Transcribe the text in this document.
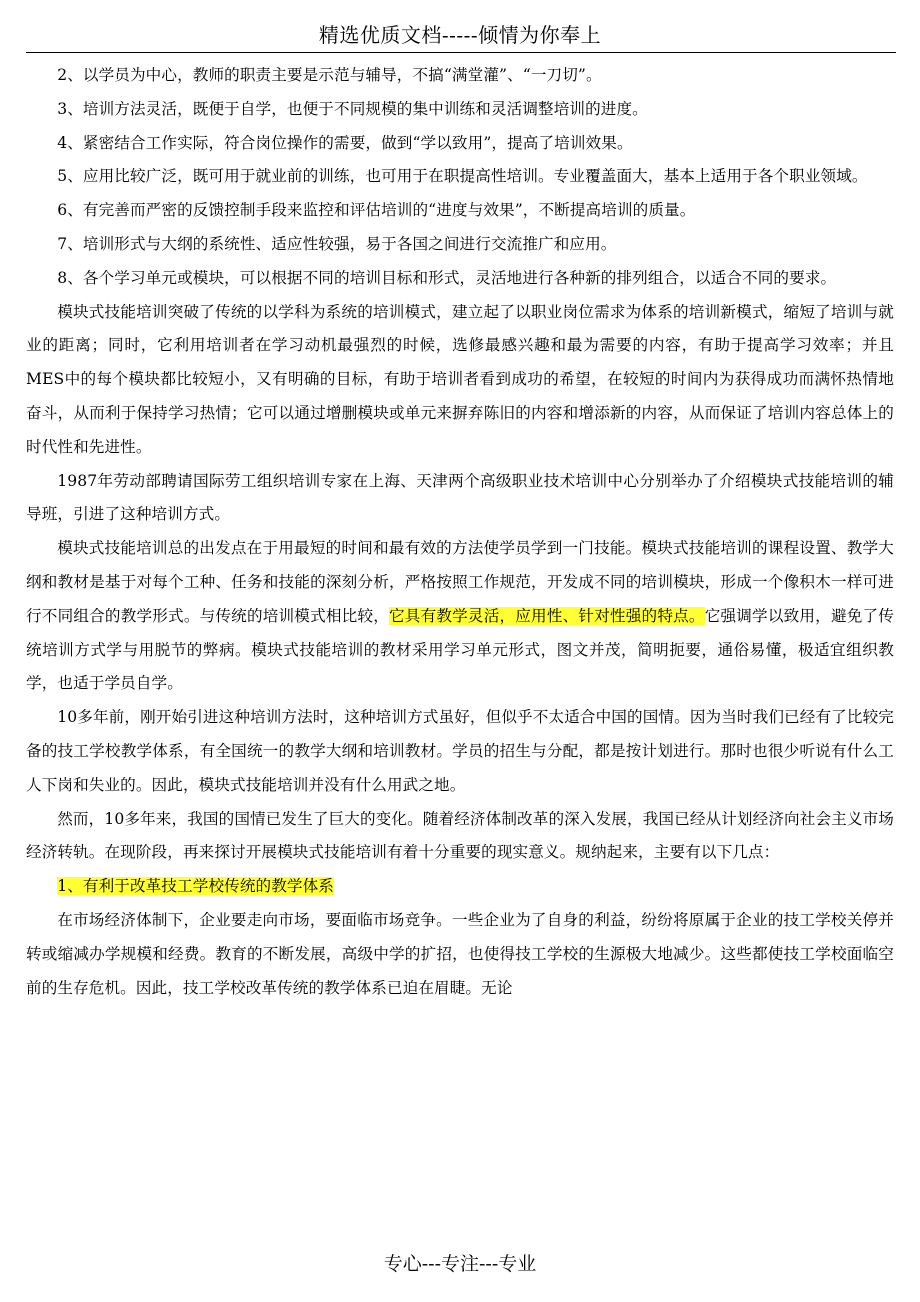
精选优质文档-----倾情为你奉上

2、以学员为中心，教师的职责主要是示范与辅导，不搞“满堂灌”、“一刀切”。

3、培训方法灵活，既便于自学，也便于不同规模的集中训练和灵活调整培训的进度。

4、紧密结合工作实际，符合岗位操作的需要，做到“学以致用”，提高了培训效果。

5、应用比较广泛，既可用于就业前的训练，也可用于在职提高性培训。专业覆盖面大，基本上适用于各个职业领域。

6、有完善而严密的反馈控制手段来监控和评估培训的“进度与效果”，不断提高培训的质量。

7、培训形式与大纲的系统性、适应性较强，易于各国之间进行交流推广和应用。

8、各个学习单元或模块，可以根据不同的培训目标和形式，灵活地进行各种新的排列组合，以适合不同的要求。

模块式技能培训突破了传统的以学科为系统的培训模式，建立起了以职业岗位需求为体系的培训新模式，缩短了培训与就业的距离；同时，它利用培训者在学习动机最强烈的时候，选修最感兴趣和最为需要的内容，有助于提高学习效率；并且MES中的每个模块都比较短小，又有明确的目标，有助于培训者看到成功的希望，在较短的时间内为获得成功而满怀热情地奋斗，从而利于保持学习热情；它可以通过增删模块或单元来摒弃陈旧的内容和增添新的内容，从而保证了培训内容总体上的时代性和先进性。

1987年劳动部聘请国际劳工组织培训专家在上海、天津两个高级职业技术培训中心分别举办了介绍模块式技能培训的辅导班，引进了这种培训方式。

模块式技能培训总的出发点在于用最短的时间和最有效的方法使学员学到一门技能。模块式技能培训的课程设置、教学大纲和教材是基于对每个工种、任务和技能的深刻分析，严格按照工作规范，开发成不同的培训模块，形成一个像积木一样可进行不同组合的教学形式。与传统的培训模式相比较，它具有教学灵活，应用性、针对性强的特点。它强调学以致用，避免了传统培训方式学与用脱节的弊病。模块式技能培训的教材采用学习单元形式，图文并茂，简明扼要，通俗易懂，极适宜组织教学，也适于学员自学。

10多年前，刚开始引进这种培训方法时，这种培训方式虽好，但似乎不太适合中国的国情。因为当时我们已经有了比较完备的技工学校教学体系，有全国统一的教学大纲和培训教材。学员的招生与分配，都是按计划进行。那时也很少听说有什么工人下岗和失业的。因此，模块式技能培训并没有什么用武之地。

然而，10多年来，我国的国情已发生了巨大的变化。随着经济体制改革的深入发展，我国已经从计划经济向社会主义市场经济转轨。在现阶段，再来探讨开展模块式技能培训有着十分重要的现实意义。规纳起来，主要有以下几点：

1、有利于改革技工学校传统的教学体系

在市场经济体制下，企业要走向市场，要面临市场竞争。一些企业为了自身的利益，纷纷将原属于企业的技工学校关停并转或缩减办学规模和经费。教育的不断发展，高级中学的扩招，也使得技工学校的生源极大地减少。这些都使技工学校面临空前的生存危机。因此，技工学校改革传统的教学体系已迫在眉睫。无论

专心---专注---专业
